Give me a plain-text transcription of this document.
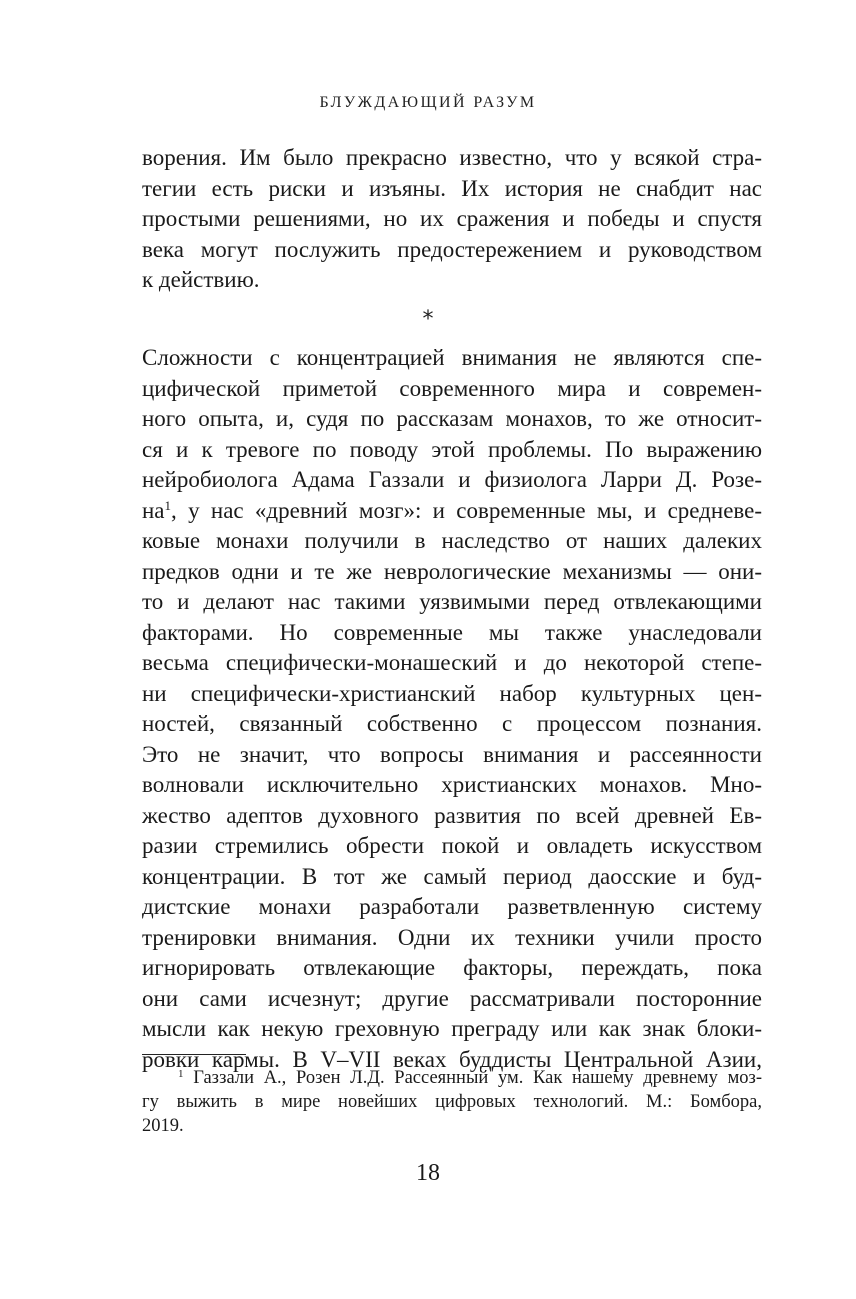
БЛУЖДАЮЩИЙ РАЗУМ
ворения. Им было прекрасно известно, что у всякой стра-
тегии есть риски и изъяны. Их история не снабдит нас
простыми решениями, но их сражения и победы и спустя
века могут послужить предостережением и руководством
к действию.
⁎
Сложности с концентрацией внимания не являются спе-
цифической приметой современного мира и современ-
ного опыта, и, судя по рассказам монахов, то же относит-
ся и к тревоге по поводу этой проблемы. По выражению
нейробиолога Адама Газзали и физиолога Ларри Д. Розе-
на$^1$, у нас «древний мозг»: и современные мы, и средневе-
ковые монахи получили в наследство от наших далеких
предков одни и те же неврологические механизмы — они-
то и делают нас такими уязвимыми перед отвлекающими
факторами. Но современные мы также унаследовали
весьма специфически-монашеский и до некоторой степе-
ни специфически-христианский набор культурных цен-
ностей, связанный собственно с процессом познания.
Это не значит, что вопросы внимания и рассеянности
волновали исключительно христианских монахов. Мно-
жество адептов духовного развития по всей древней Ев-
разии стремились обрести покой и овладеть искусством
концентрации. В тот же самый период даосские и буд-
дистские монахи разработали разветвленную систему
тренировки внимания. Одни их техники учили просто
игнорировать отвлекающие факторы, переждать, пока
они сами исчезнут; другие рассматривали посторонние
мысли как некую греховную преграду или как знак блоки-
ровки кармы. В V–VII веках буддисты Центральной Азии,
$^1$ Газзали А., Розен Л.Д. Рассеянный ум. Как нашему древнему моз-
гу выжить в мире новейших цифровых технологий. М.: Бомбора,
2019.
18
